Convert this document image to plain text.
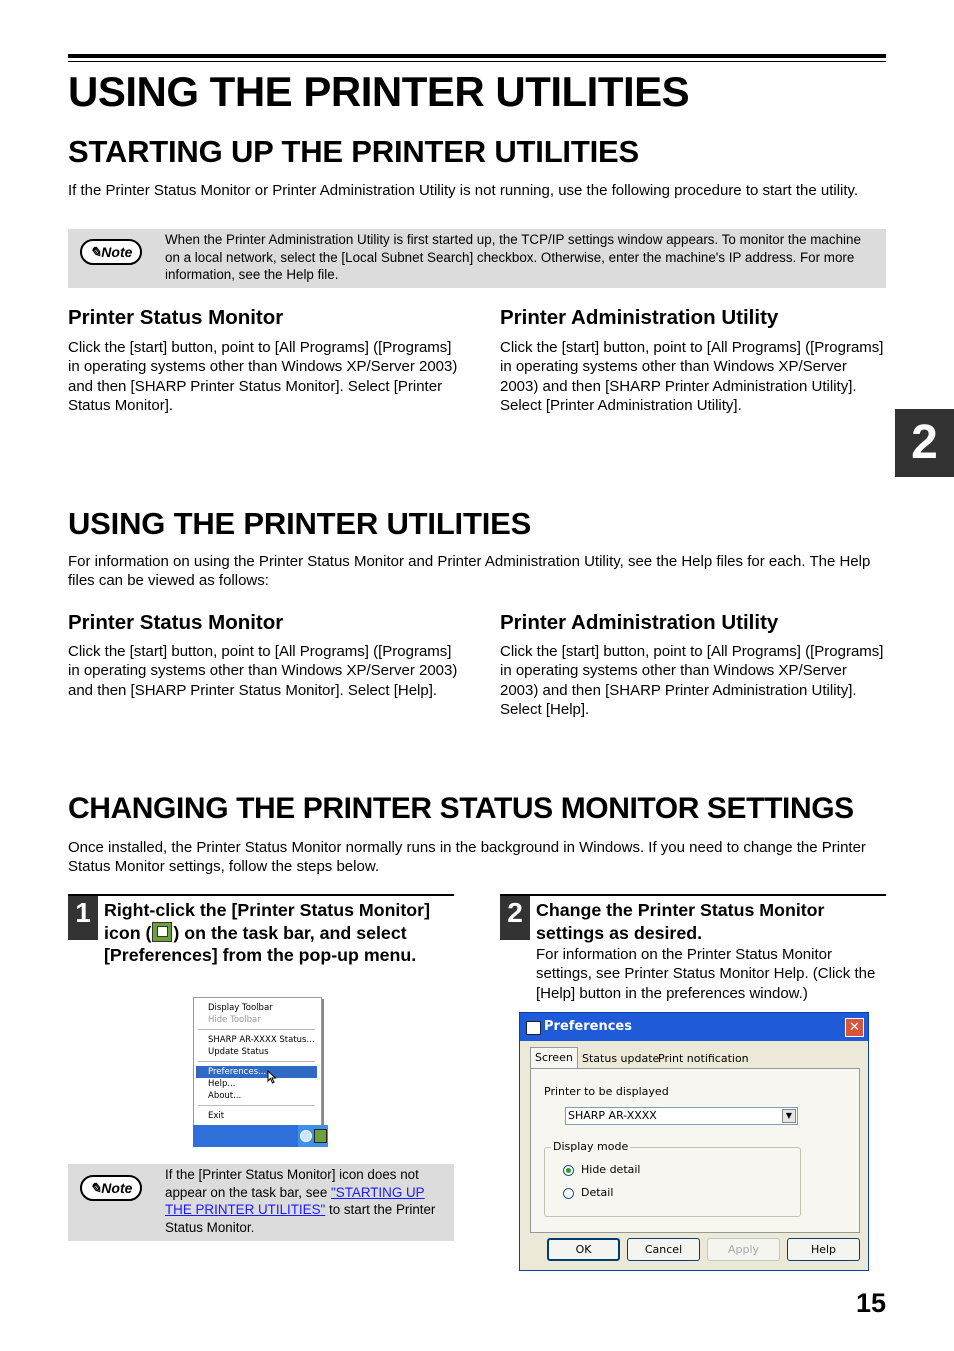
USING THE PRINTER UTILITIES
2
STARTING UP THE PRINTER UTILITIES

If the Printer Status Monitor or Printer Administration Utility is not running, use the following procedure to start the utility.

✎Note
When the Printer Administration Utility is first started up, the TCP/IP settings window appears. To monitor the machine on a local network, select the [Local Subnet Search] checkbox. Otherwise, enter the machine's IP address. For more information, see the Help file.
Printer Status Monitor

Click the [start] button, point to [All Programs] ([Programs] in operating systems other than Windows XP/Server 2003) and then [SHARP Printer Status Monitor]. Select [Printer Status Monitor].

Printer Administration Utility

Click the [start] button, point to [All Programs] ([Programs] in operating systems other than Windows XP/Server 2003) and then [SHARP Printer Administration Utility]. Select [Printer Administration Utility].

USING THE PRINTER UTILITIES

For information on using the Printer Status Monitor and Printer Administration Utility, see the Help files for each. The Help files can be viewed as follows:

Printer Status Monitor

Click the [start] button, point to [All Programs] ([Programs] in operating systems other than Windows XP/Server 2003) and then [SHARP Printer Status Monitor]. Select [Help].

Printer Administration Utility

Click the [start] button, point to [All Programs] ([Programs] in operating systems other than Windows XP/Server 2003) and then [SHARP Printer Administration Utility]. Select [Help].

CHANGING THE PRINTER STATUS MONITOR SETTINGS

Once installed, the Printer Status Monitor normally runs in the background in Windows. If you need to change the Printer Status Monitor settings, follow the steps below.

1 Right-click the [Printer Status Monitor] icon ( ) on the task bar, and select [Preferences] from the pop-up menu.
Display Toolbar
Hide Toolbar
SHARP AR-XXXX Status...
Update Status
Preferences...
Help...
About...
Exit
✎Note
If the [Printer Status Monitor] icon does not appear on the task bar, see "STARTING UP THE PRINTER UTILITIES" to start the Printer Status Monitor.
2 Change the Printer Status Monitor settings as desired.

For information on the Printer Status Monitor settings, see Printer Status Monitor Help. (Click the [Help] button in the preferences window.)

Preferences	✕
Screen Status update
Print notification
Printer to be displayed
SHARP AR-XXXX	▼
Display mode
Hide detail
Detail
OK	Cancel	Apply	Help
15
